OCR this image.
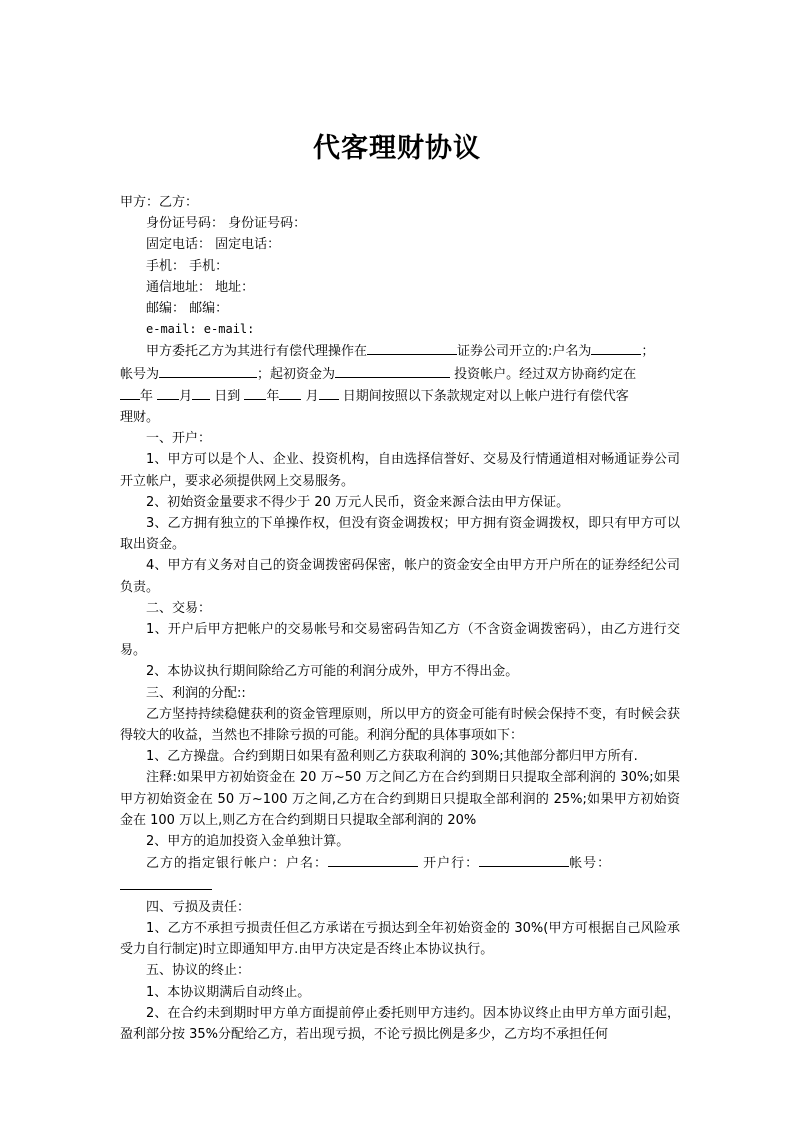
代客理财协议

甲方：乙方：

身份证号码： 身份证号码：

固定电话： 固定电话：

手机： 手机：

通信地址： 地址：

邮编： 邮编：

e-mail: e-mail:

甲方委托乙方为其进行有偿代理操作在	证券公司开立的:户名为	；

帐号为	；起初资金为	投资帐户。经过双方协商约定在

年 月 日到 年 月 日期间按照以下条款规定对以上帐户进行有偿代客

理财。

一、开户：

1、甲方可以是个人、企业、投资机构，自由选择信誉好、交易及行情通道相对畅通证券公司开立帐户，要求必须提供网上交易服务。

2、初始资金量要求不得少于 20 万元人民币，资金来源合法由甲方保证。

3、乙方拥有独立的下单操作权，但没有资金调拨权；甲方拥有资金调拨权，即只有甲方可以取出资金。

4、甲方有义务对自己的资金调拨密码保密，帐户的资金安全由甲方开户所在的证券经纪公司负责。

二、交易：

1、开户后甲方把帐户的交易帐号和交易密码告知乙方（不含资金调拨密码），由乙方进行交易。

2、本协议执行期间除给乙方可能的利润分成外，甲方不得出金。

三、利润的分配::

乙方坚持持续稳健获利的资金管理原则，所以甲方的资金可能有时候会保持不变，有时候会获得较大的收益，当然也不排除亏损的可能。利润分配的具体事项如下：

1、乙方操盘。合约到期日如果有盈利则乙方获取利润的 30%;其他部分都归甲方所有.

注释:如果甲方初始资金在 20 万~50 万之间乙方在合约到期日只提取全部利润的 30%;如果甲方初始资金在 50 万~100 万之间,乙方在合约到期日只提取全部利润的 25%;如果甲方初始资金在 100 万以上,则乙方在合约到期日只提取全部利润的 20%

2、甲方的追加投资入金单独计算。

乙方的指定银行帐户：户名：	开户行：	帐号：

四、亏损及责任：

1、乙方不承担亏损责任但乙方承诺在亏损达到全年初始资金的 30%(甲方可根据自己风险承受力自行制定)时立即通知甲方.由甲方决定是否终止本协议执行。

五、协议的终止：

1、本协议期满后自动终止。

2、在合约未到期时甲方单方面提前停止委托则甲方违约。因本协议终止由甲方单方面引起，盈利部分按 35%分配给乙方，若出现亏损，不论亏损比例是多少，乙方均不承担任何
